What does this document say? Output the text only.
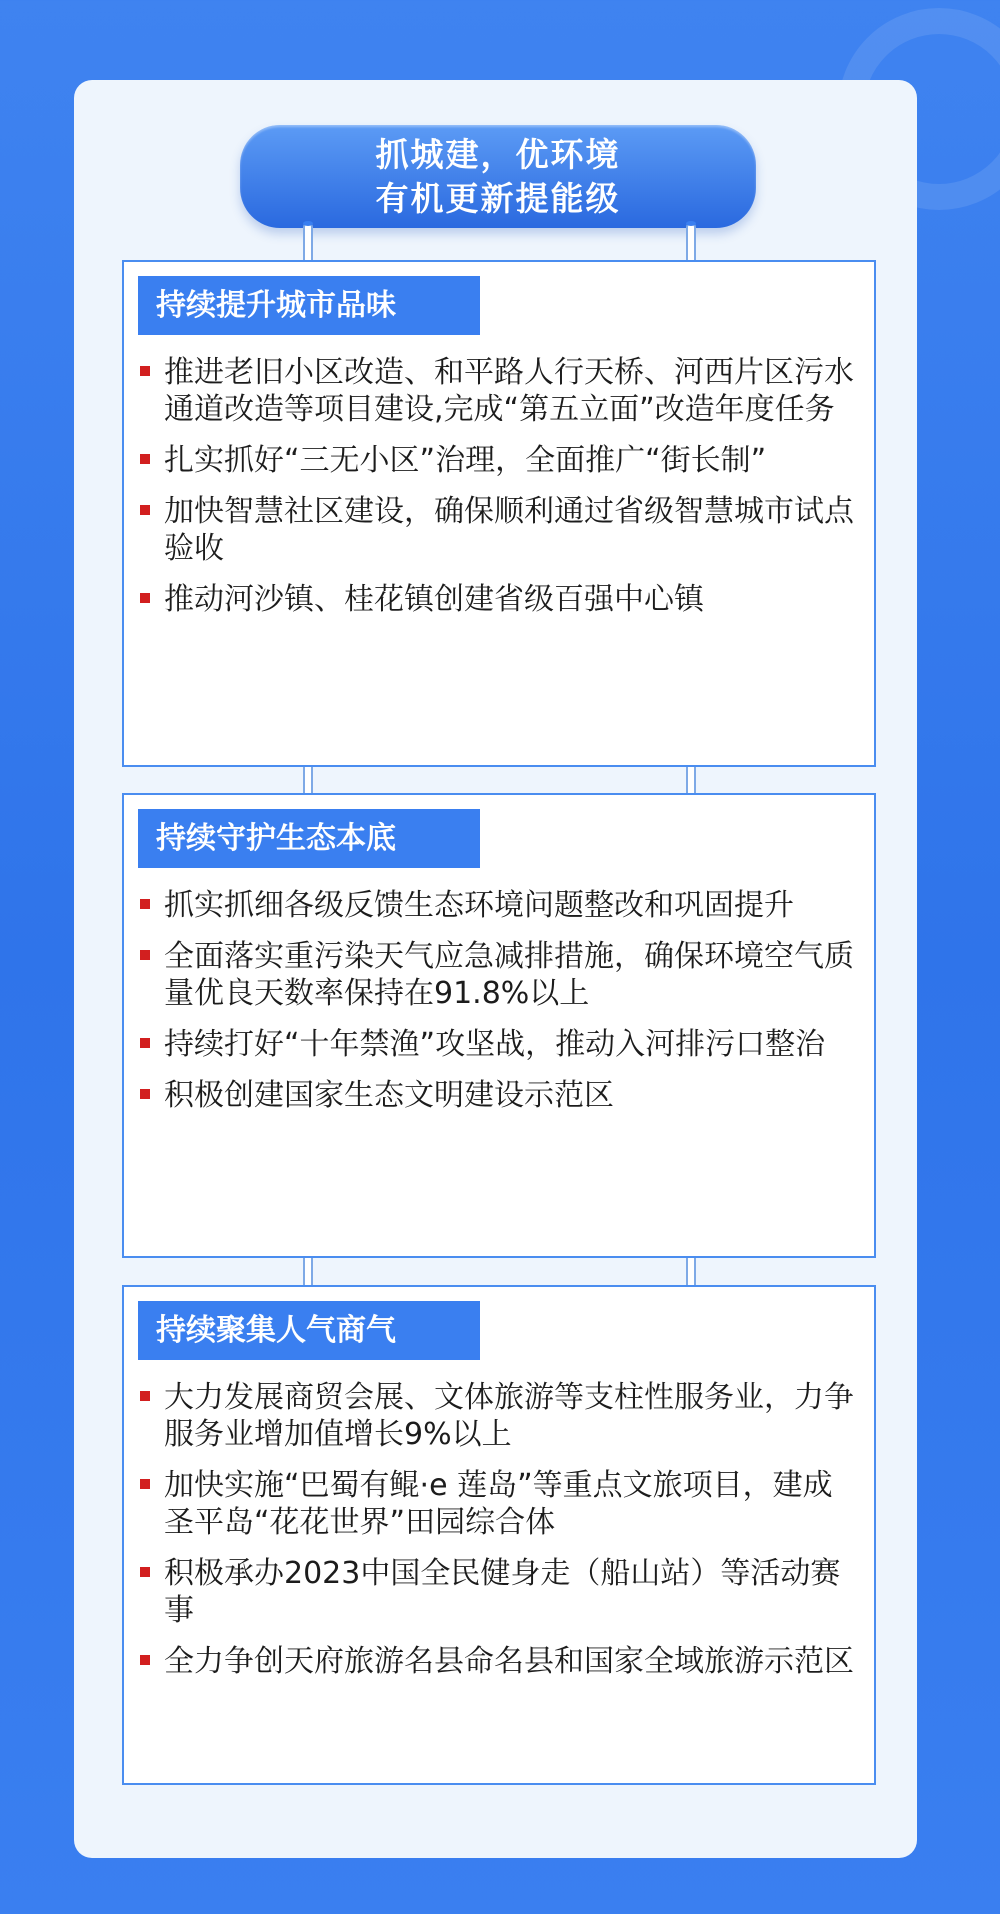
抓城建，优环境
有机更新提能级
持续提升城市品味
推进老旧小区改造、和平路人行天桥、河西片区污水通道改造等项目建设,完成“第五立面”改造年度任务
扎实抓好“三无小区”治理，全面推广“街长制”
加快智慧社区建设，确保顺利通过省级智慧城市试点验收
推动河沙镇、桂花镇创建省级百强中心镇
持续守护生态本底
抓实抓细各级反馈生态环境问题整改和巩固提升
全面落实重污染天气应急减排措施，确保环境空气质量优良天数率保持在91.8%以上
持续打好“十年禁渔”攻坚战，推动入河排污口整治
积极创建国家生态文明建设示范区
持续聚集人气商气
大力发展商贸会展、文体旅游等支柱性服务业，力争服务业增加值增长9%以上
加快实施“巴蜀有鲲·e 莲岛”等重点文旅项目，建成圣平岛“花花世界”田园综合体
积极承办2023中国全民健身走（船山站）等活动赛事
全力争创天府旅游名县命名县和国家全域旅游示范区
